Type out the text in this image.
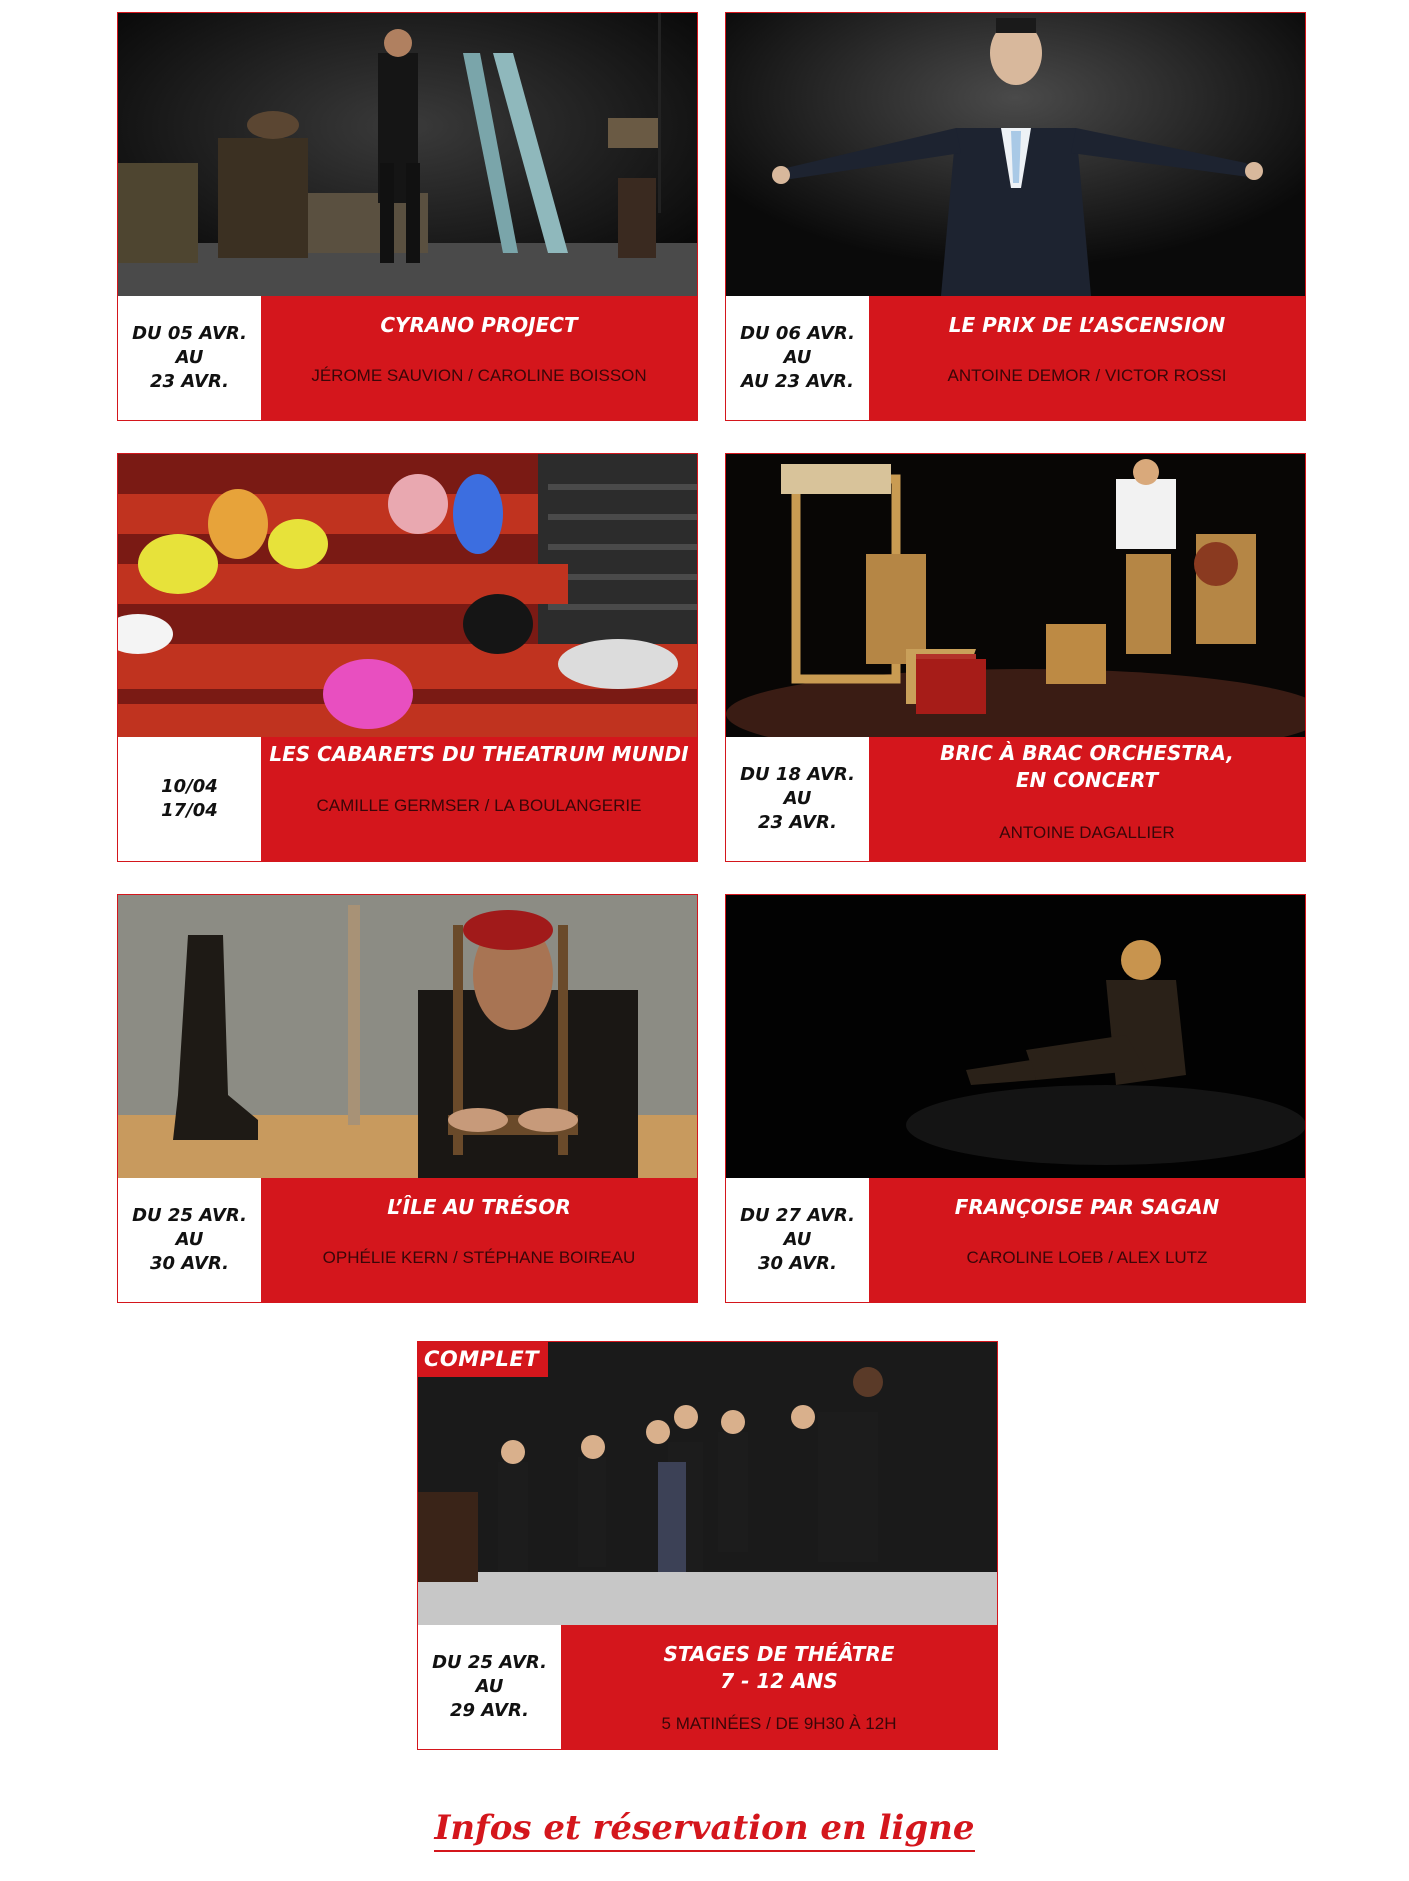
DU 05 AVR.
AU
23 AVR.
CYRANO PROJECT
JÉROME SAUVION / CAROLINE BOISSON
DU 06 AVR.
AU
AU 23 AVR.
LE PRIX DE L’ASCENSION
ANTOINE DEMOR / VICTOR ROSSI
10/04
17/04
LES CABARETS DU THEATRUM MUNDI
CAMILLE GERMSER / LA BOULANGERIE
DU 18 AVR.
AU
23 AVR.
BRIC À BRAC ORCHESTRA,
EN CONCERT
ANTOINE DAGALLIER
DU 25 AVR.
AU
30 AVR.
L’ÎLE AU TRÉSOR
OPHÉLIE KERN / STÉPHANE BOIREAU
DU 27 AVR.
AU
30 AVR.
FRANÇOISE PAR SAGAN
CAROLINE LOEB / ALEX LUTZ
COMPLET
DU 25 AVR.
AU
29 AVR.
STAGES DE THÉÂTRE
7 - 12 ANS
5 MATINÉES / DE 9H30 À 12H
Infos et réservation en ligne
